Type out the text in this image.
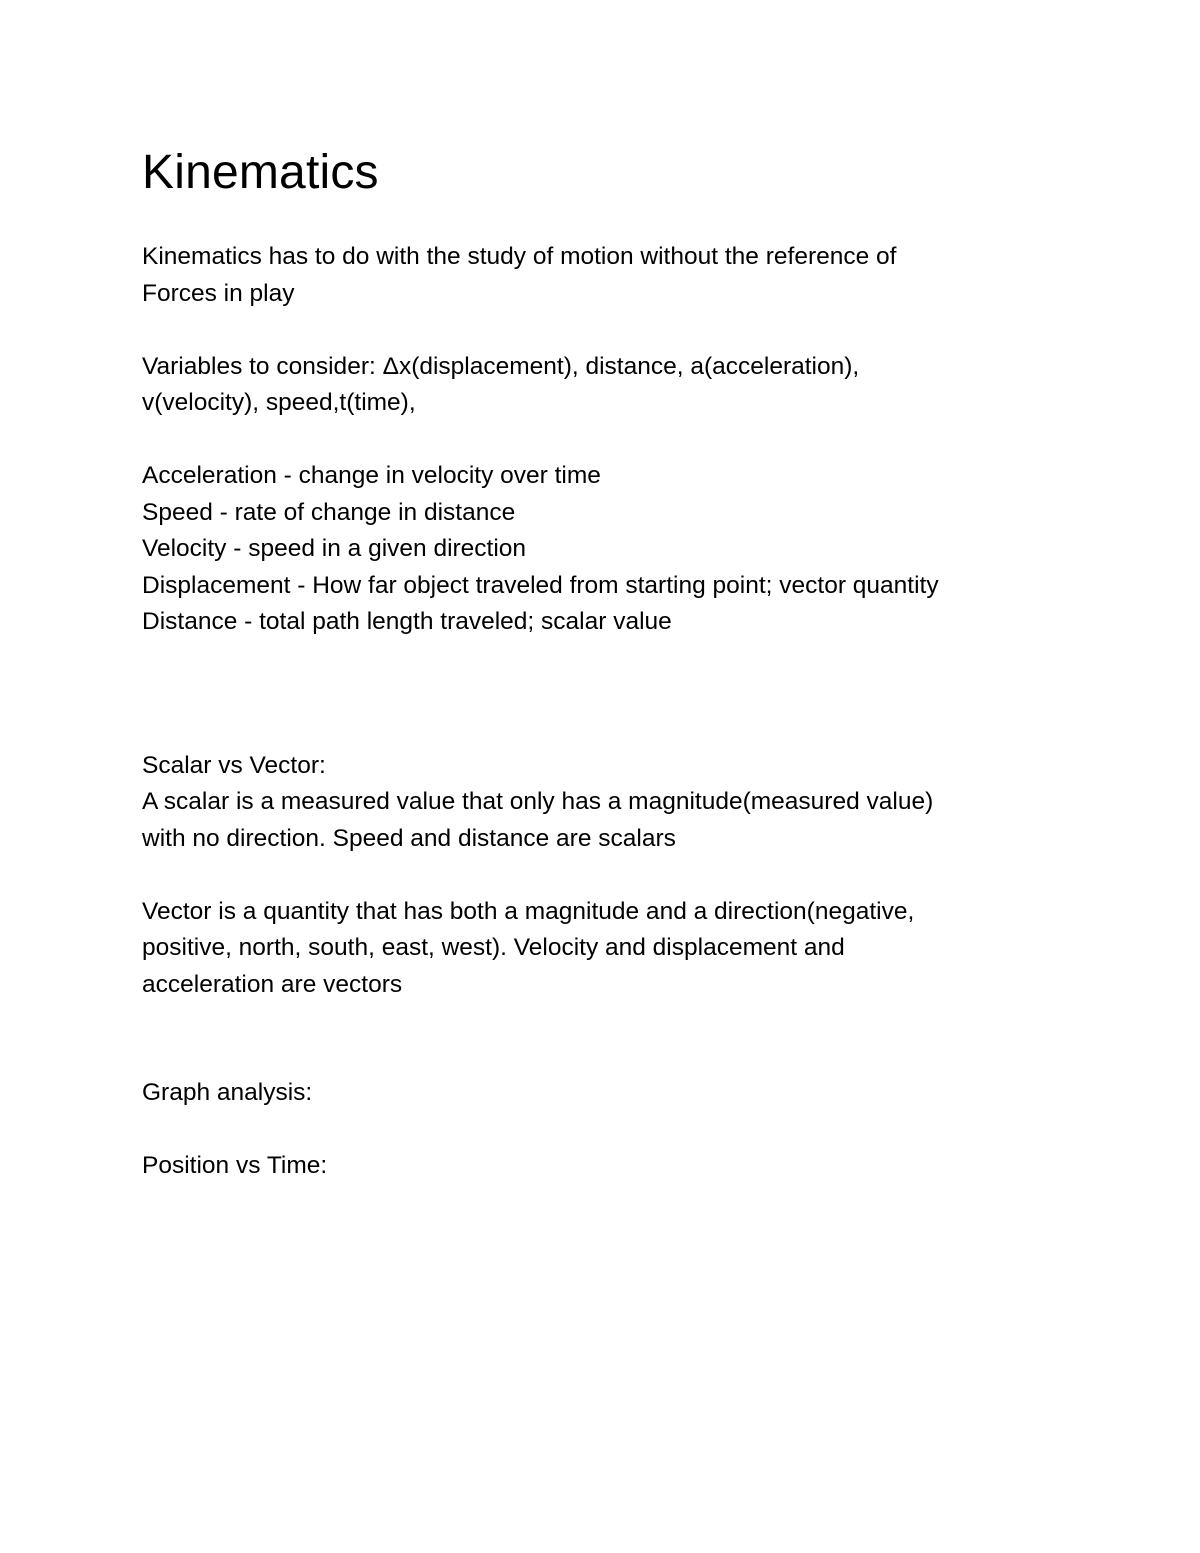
Kinematics

Kinematics has to do with the study of motion without the reference of
Forces in play

Variables to consider: Δx(displacement), distance, a(acceleration),
v(velocity), speed,t(time),

Acceleration - change in velocity over time
Speed - rate of change in distance
Velocity - speed in a given direction
Displacement - How far object traveled from starting point; vector quantity
Distance - total path length traveled; scalar value

Scalar vs Vector:
A scalar is a measured value that only has a magnitude(measured value)
with no direction. Speed and distance are scalars

Vector is a quantity that has both a magnitude and a direction(negative,
positive, north, south, east, west). Velocity and displacement and
acceleration are vectors

Graph analysis:

Position vs Time:
